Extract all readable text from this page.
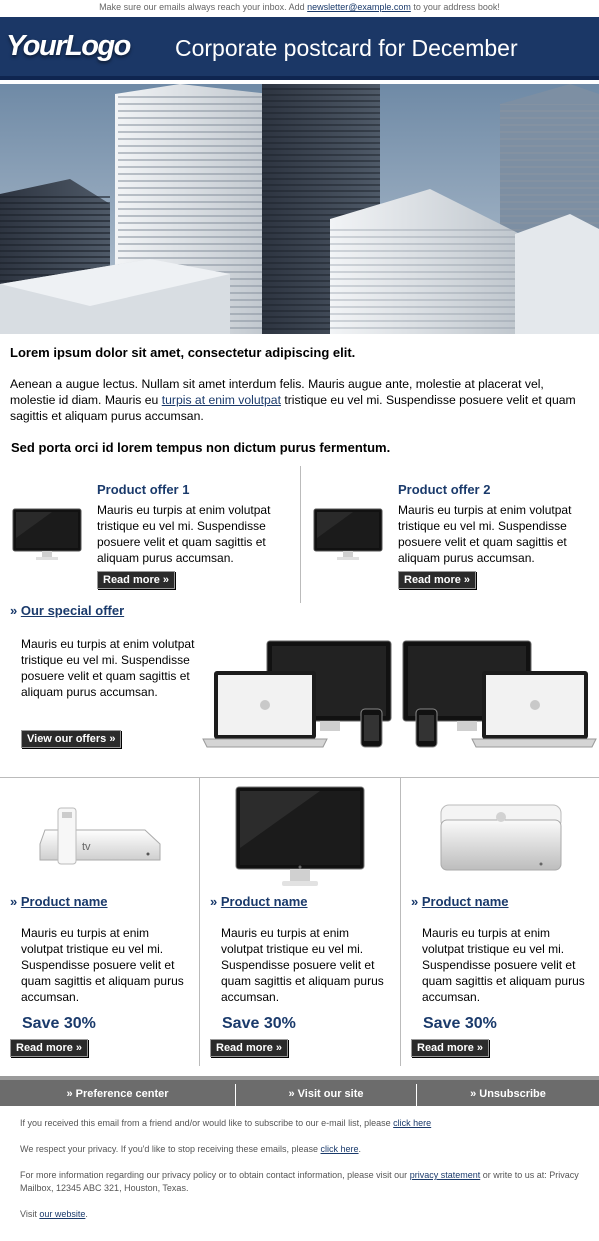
Make sure our emails always reach your inbox. Add newsletter@example.com to your address book!
YourLogo Corporate postcard for December
Lorem ipsum dolor sit amet, consectetur adipiscing elit.
Aenean a augue lectus. Nullam sit amet interdum felis. Mauris augue ante, molestie at placerat vel, molestie id diam. Mauris eu turpis at enim volutpat tristique eu vel mi. Suspendisse posuere velit et quam sagittis et aliquam purus accumsan.
Sed porta orci id lorem tempus non dictum purus fermentum.
Product offer 1
Mauris eu turpis at enim volutpat tristique eu vel mi. Suspendisse posuere velit et quam sagittis et aliquam purus accumsan.
Read more »
Product offer 2
Mauris eu turpis at enim volutpat tristique eu vel mi. Suspendisse posuere velit et quam sagittis et aliquam purus accumsan.
Read more »
» Our special offer
Mauris eu turpis at enim volutpat tristique eu vel mi. Suspendisse posuere velit et quam sagittis et aliquam purus accumsan.
View our offers »
tv
» Product name
Mauris eu turpis at enim volutpat tristique eu vel mi. Suspendisse posuere velit et quam sagittis et aliquam purus accumsan.
Save 30%
Read more »
» Product name
Mauris eu turpis at enim volutpat tristique eu vel mi. Suspendisse posuere velit et quam sagittis et aliquam purus accumsan.
Save 30%
Read more »
» Product name
Mauris eu turpis at enim volutpat tristique eu vel mi. Suspendisse posuere velit et quam sagittis et aliquam purus accumsan.
Save 30%
Read more »
» Preference center	» Visit our site	» Unsubscribe
If you received this email from a friend and/or would like to subscribe to our e-mail list, please click here
We respect your privacy. If you'd like to stop receiving these emails, please click here.
For more information regarding our privacy policy or to obtain contact information, please visit our privacy statement or write to us at: Privacy Mailbox, 12345 ABC 321, Houston, Texas.
Visit our website.
